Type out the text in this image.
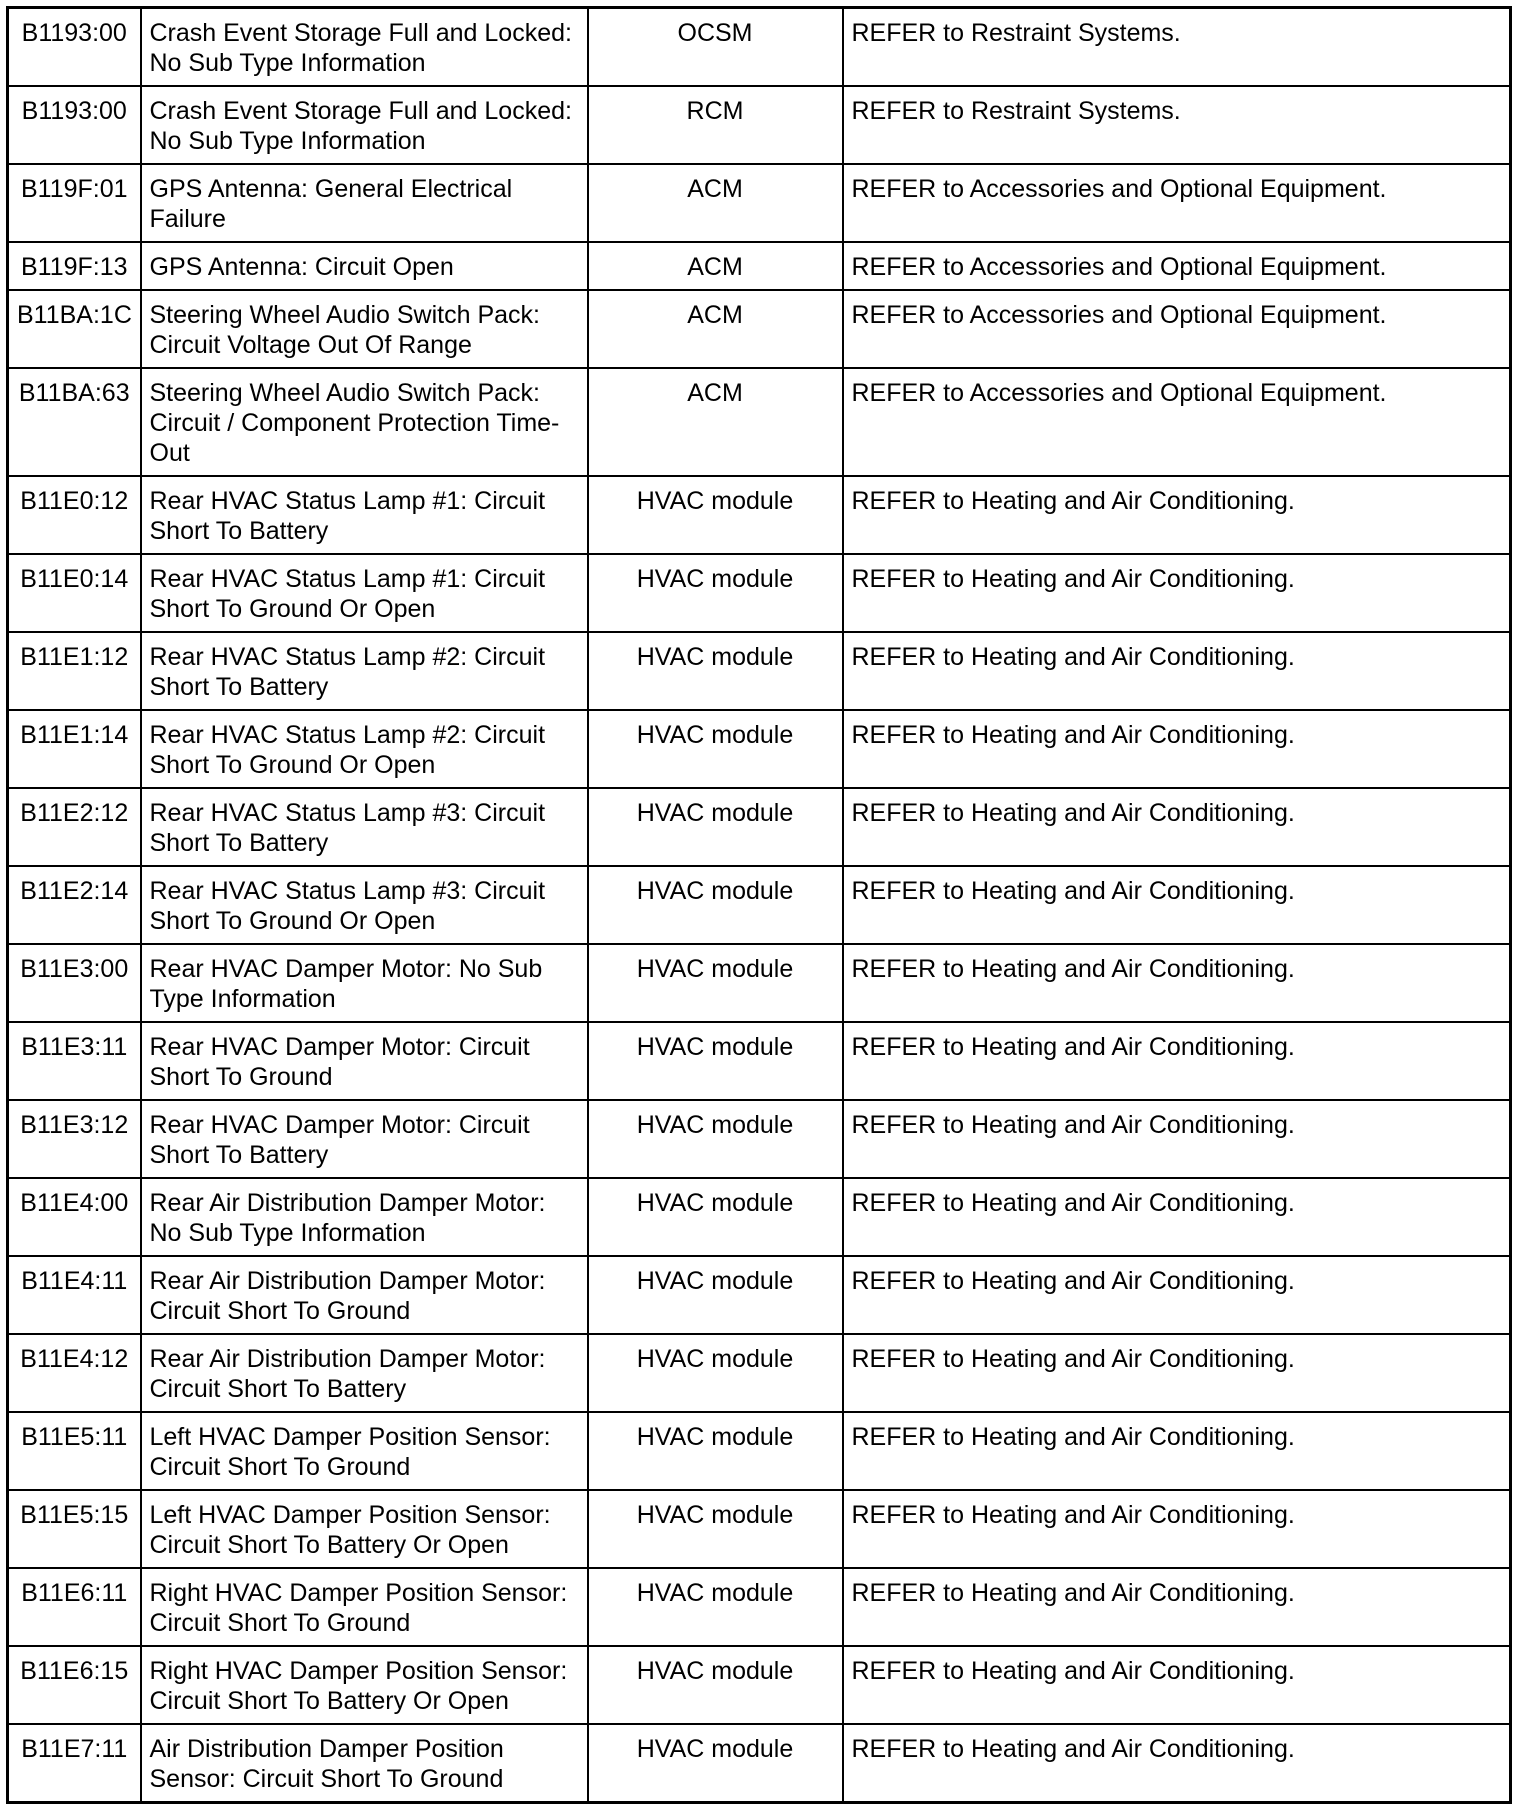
B1193:00	Crash Event Storage Full and Locked: No Sub Type Information	OCSM	REFER to Restraint Systems.
B1193:00	Crash Event Storage Full and Locked: No Sub Type Information	RCM	REFER to Restraint Systems.
B119F:01	GPS Antenna: General Electrical Failure	ACM	REFER to Accessories and Optional Equipment.
B119F:13	GPS Antenna: Circuit Open	ACM	REFER to Accessories and Optional Equipment.
B11BA:1C	Steering Wheel Audio Switch Pack: Circuit Voltage Out Of Range	ACM	REFER to Accessories and Optional Equipment.
B11BA:63	Steering Wheel Audio Switch Pack: Circuit / Component Protection Time-Out	ACM	REFER to Accessories and Optional Equipment.
B11E0:12	Rear HVAC Status Lamp #1: Circuit Short To Battery	HVAC module	REFER to Heating and Air Conditioning.
B11E0:14	Rear HVAC Status Lamp #1: Circuit Short To Ground Or Open	HVAC module	REFER to Heating and Air Conditioning.
B11E1:12	Rear HVAC Status Lamp #2: Circuit Short To Battery	HVAC module	REFER to Heating and Air Conditioning.
B11E1:14	Rear HVAC Status Lamp #2: Circuit Short To Ground Or Open	HVAC module	REFER to Heating and Air Conditioning.
B11E2:12	Rear HVAC Status Lamp #3: Circuit Short To Battery	HVAC module	REFER to Heating and Air Conditioning.
B11E2:14	Rear HVAC Status Lamp #3: Circuit Short To Ground Or Open	HVAC module	REFER to Heating and Air Conditioning.
B11E3:00	Rear HVAC Damper Motor: No Sub Type Information	HVAC module	REFER to Heating and Air Conditioning.
B11E3:11	Rear HVAC Damper Motor: Circuit Short To Ground	HVAC module	REFER to Heating and Air Conditioning.
B11E3:12	Rear HVAC Damper Motor: Circuit Short To Battery	HVAC module	REFER to Heating and Air Conditioning.
B11E4:00	Rear Air Distribution Damper Motor: No Sub Type Information	HVAC module	REFER to Heating and Air Conditioning.
B11E4:11	Rear Air Distribution Damper Motor: Circuit Short To Ground	HVAC module	REFER to Heating and Air Conditioning.
B11E4:12	Rear Air Distribution Damper Motor: Circuit Short To Battery	HVAC module	REFER to Heating and Air Conditioning.
B11E5:11	Left HVAC Damper Position Sensor: Circuit Short To Ground	HVAC module	REFER to Heating and Air Conditioning.
B11E5:15	Left HVAC Damper Position Sensor: Circuit Short To Battery Or Open	HVAC module	REFER to Heating and Air Conditioning.
B11E6:11	Right HVAC Damper Position Sensor: Circuit Short To Ground	HVAC module	REFER to Heating and Air Conditioning.
B11E6:15	Right HVAC Damper Position Sensor: Circuit Short To Battery Or Open	HVAC module	REFER to Heating and Air Conditioning.
B11E7:11	Air Distribution Damper Position Sensor: Circuit Short To Ground	HVAC module	REFER to Heating and Air Conditioning.
